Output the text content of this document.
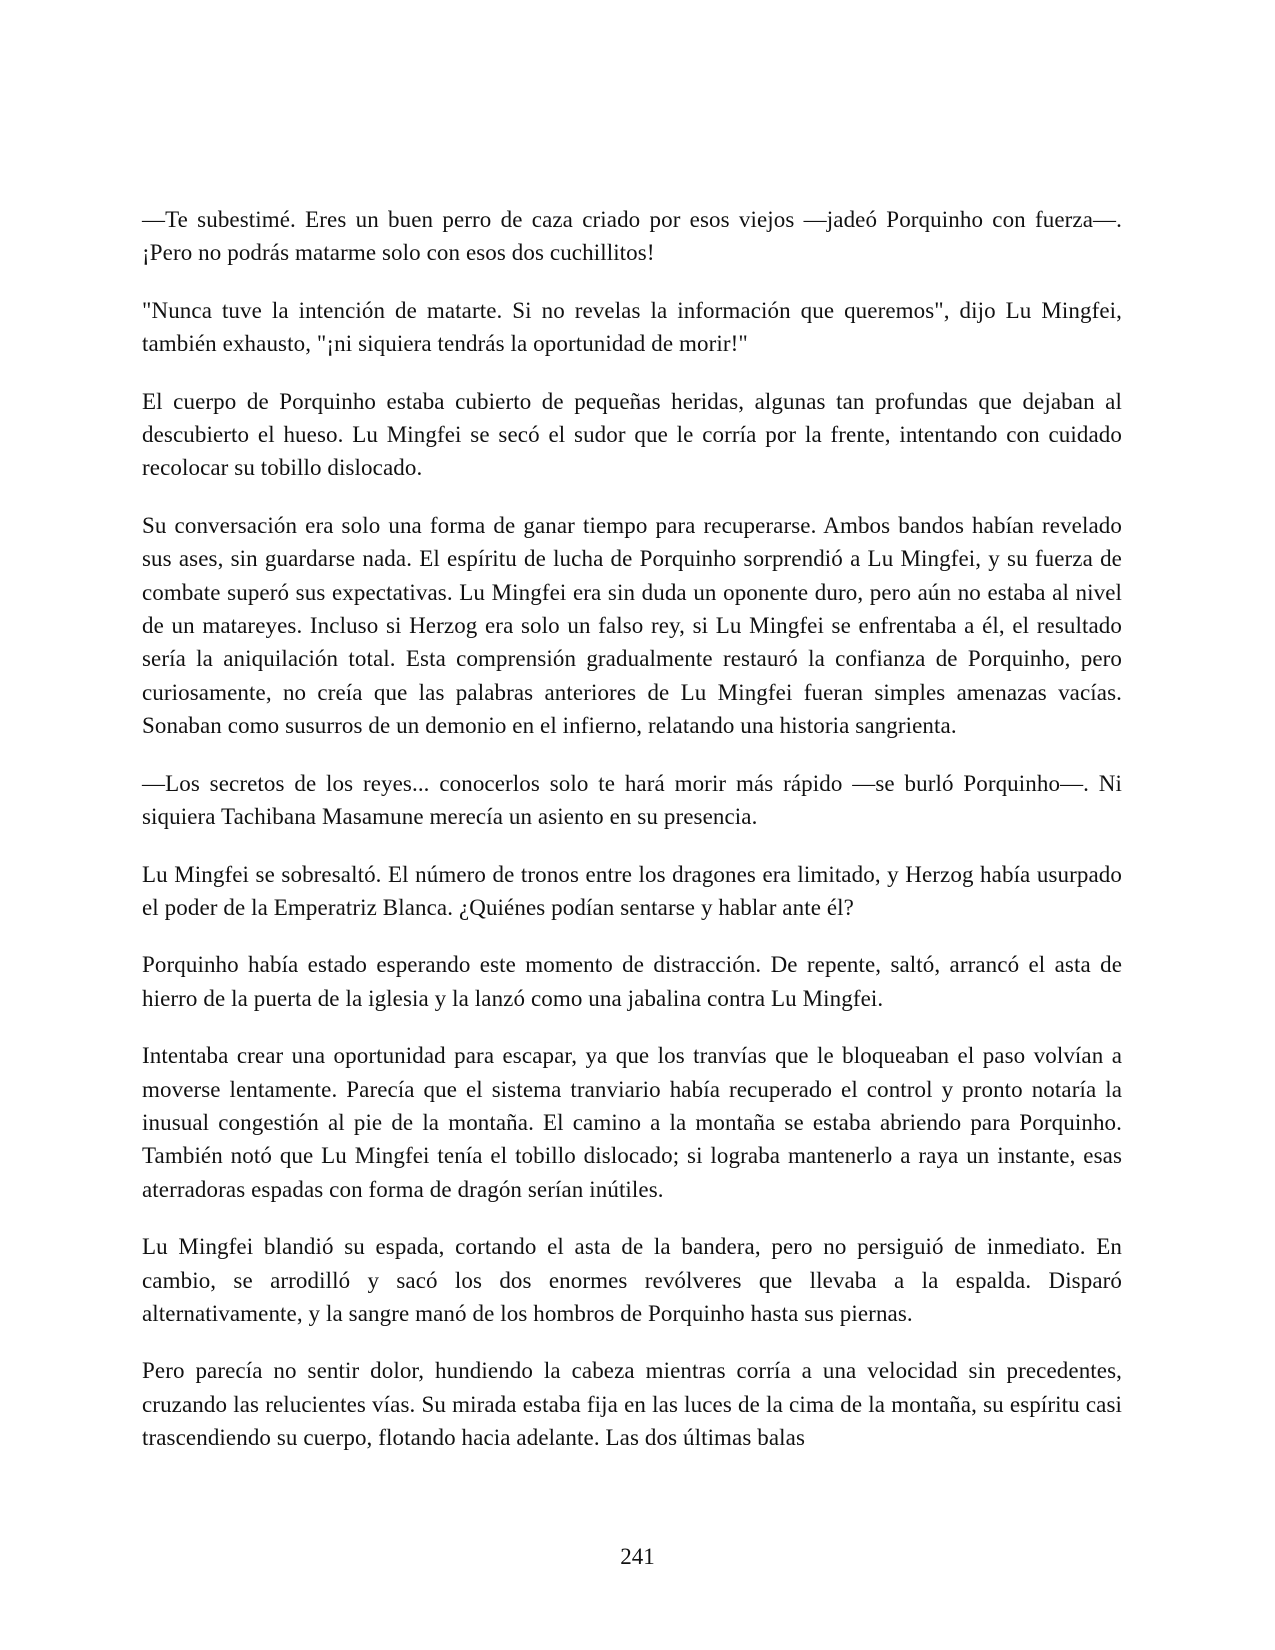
—Te subestimé. Eres un buen perro de caza criado por esos viejos —jadeó Porquinho con fuerza—. ¡Pero no podrás matarme solo con esos dos cuchillitos!

"Nunca tuve la intención de matarte. Si no revelas la información que queremos", dijo Lu Mingfei, también exhausto, "¡ni siquiera tendrás la oportunidad de morir!"

El cuerpo de Porquinho estaba cubierto de pequeñas heridas, algunas tan profundas que dejaban al descubierto el hueso. Lu Mingfei se secó el sudor que le corría por la frente, intentando con cuidado recolocar su tobillo dislocado.

Su conversación era solo una forma de ganar tiempo para recuperarse. Ambos bandos habían revelado sus ases, sin guardarse nada. El espíritu de lucha de Porquinho sorprendió a Lu Mingfei, y su fuerza de combate superó sus expectativas. Lu Mingfei era sin duda un oponente duro, pero aún no estaba al nivel de un matareyes. Incluso si Herzog era solo un falso rey, si Lu Mingfei se enfrentaba a él, el resultado sería la aniquilación total. Esta comprensión gradualmente restauró la confianza de Porquinho, pero curiosamente, no creía que las palabras anteriores de Lu Mingfei fueran simples amenazas vacías. Sonaban como susurros de un demonio en el infierno, relatando una historia sangrienta.

—Los secretos de los reyes... conocerlos solo te hará morir más rápido —se burló Porquinho—. Ni siquiera Tachibana Masamune merecía un asiento en su presencia.

Lu Mingfei se sobresaltó. El número de tronos entre los dragones era limitado, y Herzog había usurpado el poder de la Emperatriz Blanca. ¿Quiénes podían sentarse y hablar ante él?

Porquinho había estado esperando este momento de distracción. De repente, saltó, arrancó el asta de hierro de la puerta de la iglesia y la lanzó como una jabalina contra Lu Mingfei.

Intentaba crear una oportunidad para escapar, ya que los tranvías que le bloqueaban el paso volvían a moverse lentamente. Parecía que el sistema tranviario había recuperado el control y pronto notaría la inusual congestión al pie de la montaña. El camino a la montaña se estaba abriendo para Porquinho. También notó que Lu Mingfei tenía el tobillo dislocado; si lograba mantenerlo a raya un instante, esas aterradoras espadas con forma de dragón serían inútiles.

Lu Mingfei blandió su espada, cortando el asta de la bandera, pero no persiguió de inmediato. En cambio, se arrodilló y sacó los dos enormes revólveres que llevaba a la espalda. Disparó alternativamente, y la sangre manó de los hombros de Porquinho hasta sus piernas.

Pero parecía no sentir dolor, hundiendo la cabeza mientras corría a una velocidad sin precedentes, cruzando las relucientes vías. Su mirada estaba fija en las luces de la cima de la montaña, su espíritu casi trascendiendo su cuerpo, flotando hacia adelante. Las dos últimas balas

241
